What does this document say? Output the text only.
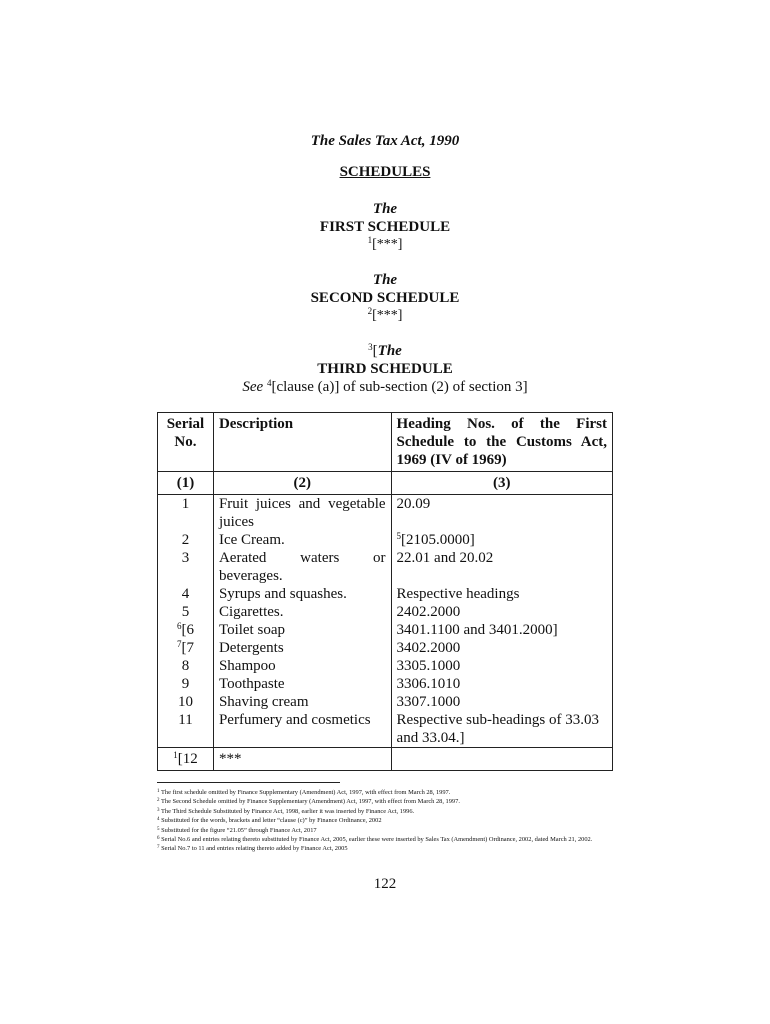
The Sales Tax Act, 1990
SCHEDULES
The
FIRST SCHEDULE
$^1$[***]
The
SECOND SCHEDULE
$^2$[***]
$^3$[The
THIRD SCHEDULE
See $^4$[clause (a)] of sub-section (2) of section 3]
Serial No.	Description	Heading Nos. of the First Schedule to the Customs Act, 1969 (IV of 1969)
(1)	(2)	(3)
1	Fruit juices and vegetable juices	20.09
2	Ice Cream.	$^5$[2105.0000]
3	Aerated waters or beverages.	22.01 and 20.02
4	Syrups and squashes.	Respective headings
5	Cigarettes.	2402.2000
$^6$[6	Toilet soap	3401.1100 and 3401.2000]
$^7$[7	Detergents	3402.2000
8	Shampoo	3305.1000
9	Toothpaste	3306.1010
10	Shaving cream	3307.1000
11	Perfumery and cosmetics	Respective sub-headings of 33.03 and 33.04.]
$^1$[12	***	
$^1$ The first schedule omitted by Finance Supplementary (Amendment) Act, 1997, with effect from March 28, 1997.
$^2$ The Second Schedule omitted by Finance Supplementary (Amendment) Act, 1997, with effect from March 28, 1997.
$^3$ The Third Schedule Substituted by Finance Act, 1998, earlier it was inserted by Finance Act, 1996.
$^4$ Substituted for the words, brackets and letter “clause (c)” by Finance Ordinance, 2002
$^5$ Substituted for the figure “21.05” through Finance Act, 2017
$^6$ Serial No.6 and entries relating thereto substituted by Finance Act, 2005, earlier these were inserted by Sales Tax (Amendment) Ordinance, 2002, dated March 21, 2002.
$^7$ Serial No.7 to 11 and entries relating thereto added by Finance Act, 2005
122
